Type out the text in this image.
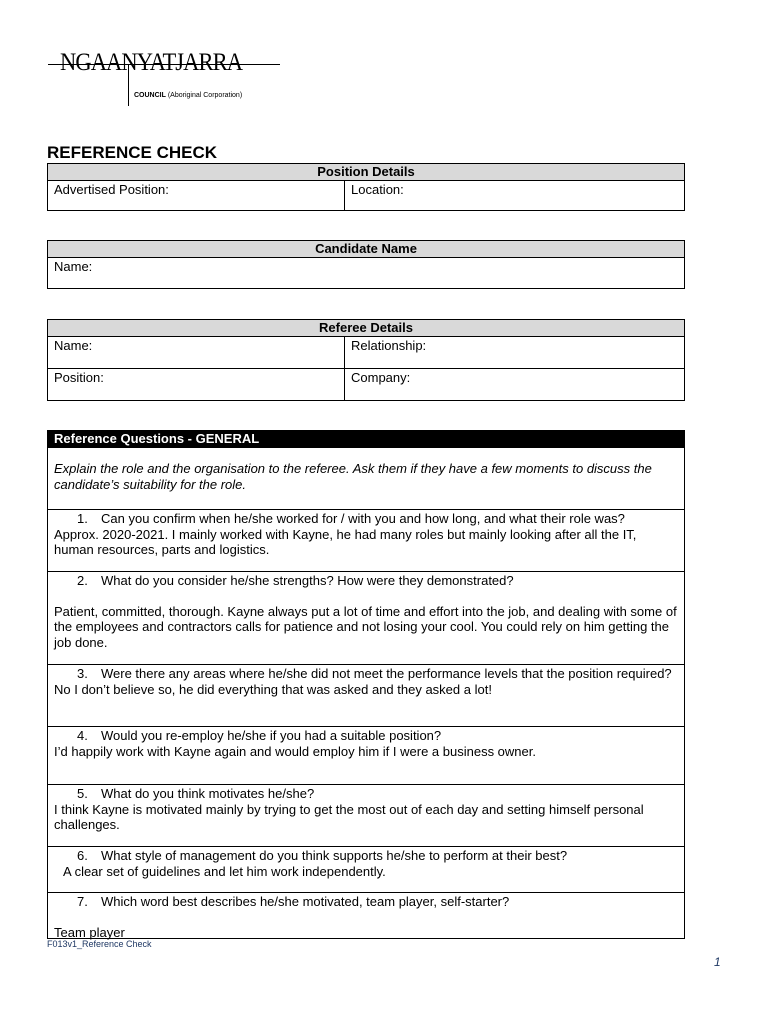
NGAANYATJARRA
COUNCIL (Aboriginal Corporation)
REFERENCE CHECK
Position Details
Advertised Position:	Location:
Candidate Name
Name:
Referee Details
Name:	Relationship:
Position:	Company:
Reference Questions - GENERAL
Explain the role and the organisation to the referee. Ask them if they have a few moments to discuss the candidate’s suitability for the role.
1. Can you confirm when he/she worked for / with you and how long, and what their role was?
Approx. 2020-2021. I mainly worked with Kayne, he had many roles but mainly looking after all the IT, human resources, parts and logistics.
2. What do you consider he/she strengths? How were they demonstrated?
Patient, committed, thorough. Kayne always put a lot of time and effort into the job, and dealing with some of the employees and contractors calls for patience and not losing your cool. You could rely on him getting the job done.
3. Were there any areas where he/she did not meet the performance levels that the position required?
No I don’t believe so, he did everything that was asked and they asked a lot!
4. Would you re-employ he/she if you had a suitable position?
I’d happily work with Kayne again and would employ him if I were a business owner.
5. What do you think motivates he/she?
I think Kayne is motivated mainly by trying to get the most out of each day and setting himself personal challenges.
6. What style of management do you think supports he/she to perform at their best?
A clear set of guidelines and let him work independently.
7. Which word best describes he/she motivated, team player, self-starter?
Team player
F013v1_Reference Check
1
